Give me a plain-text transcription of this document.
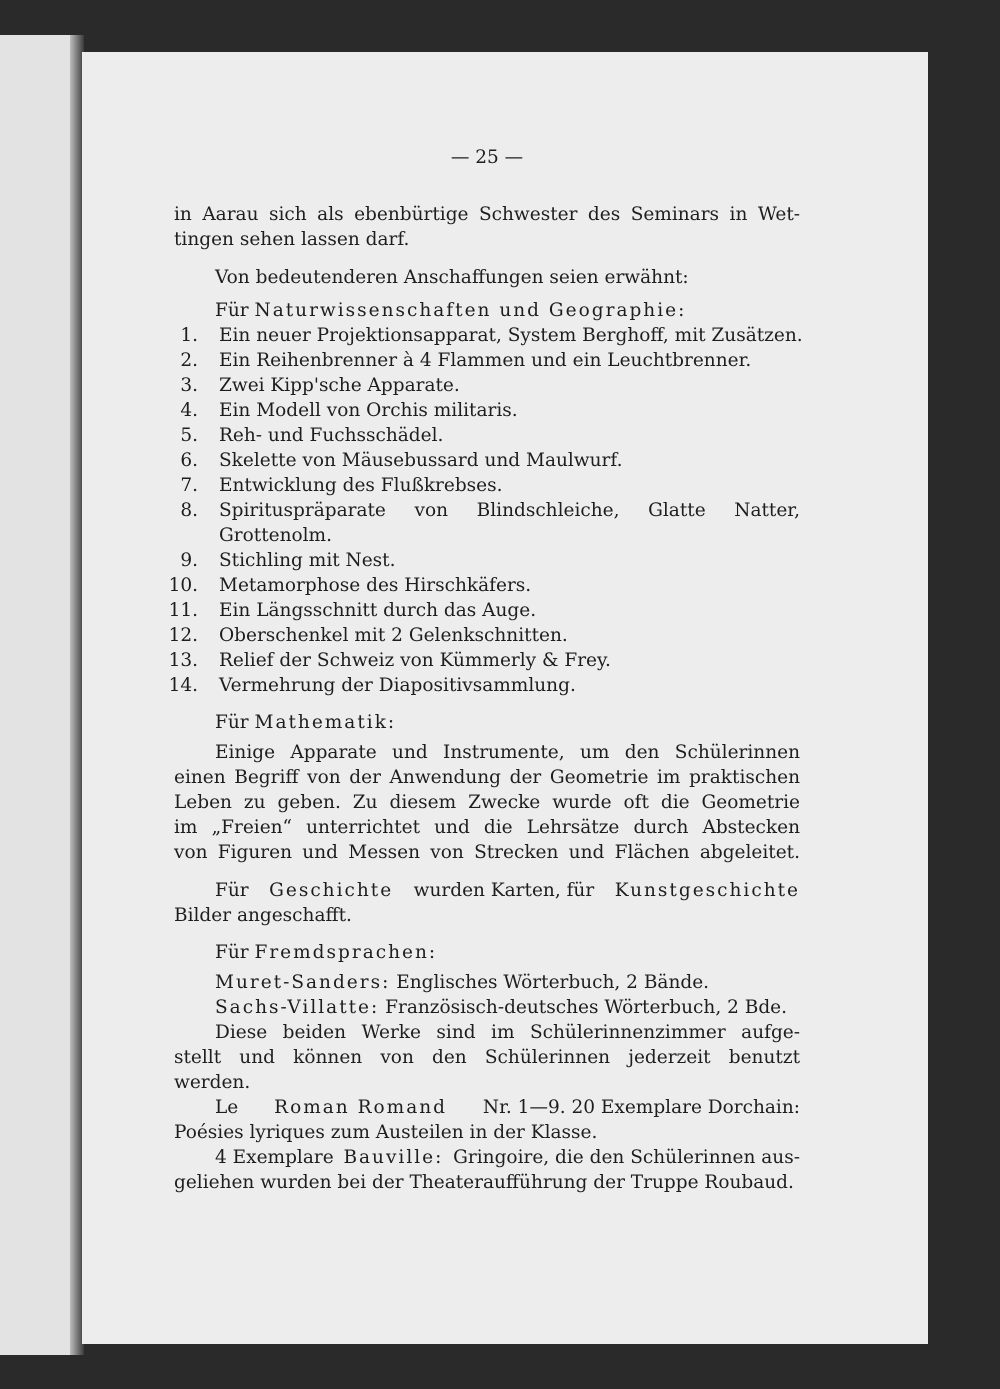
— 25 —
in Aarau sich als ebenbürtige Schwester des Seminars in Wet-
tingen sehen lassen darf.
Von bedeutenderen Anschaffungen seien erwähnt:
Für Naturwissenschaften und Geographie:
1. Ein neuer Projektionsapparat, System Berghoff, mit Zusätzen.
2. Ein Reihenbrenner à 4 Flammen und ein Leuchtbrenner.
3. Zwei Kipp'sche Apparate.
4. Ein Modell von Orchis militaris.
5. Reh- und Fuchsschädel.
6. Skelette von Mäusebussard und Maulwurf.
7. Entwicklung des Flußkrebses.
8. Spirituspräparate von Blindschleiche, Glatte Natter,
Grottenolm.
9. Stichling mit Nest.
10. Metamorphose des Hirschkäfers.
11. Ein Längsschnitt durch das Auge.
12. Oberschenkel mit 2 Gelenkschnitten.
13. Relief der Schweiz von Kümmerly & Frey.
14. Vermehrung der Diapositivsammlung.
Für Mathematik:
Einige Apparate und Instrumente, um den Schülerinnen
einen Begriff von der Anwendung der Geometrie im praktischen
Leben zu geben. Zu diesem Zwecke wurde oft die Geometrie
im „Freien“ unterrichtet und die Lehrsätze durch Abstecken
von Figuren und Messen von Strecken und Flächen abgeleitet.
Für Geschichte wurden Karten, für Kunstgeschichte
Bilder angeschafft.
Für Fremdsprachen:
Muret-Sanders: Englisches Wörterbuch, 2 Bände.
Sachs-Villatte: Französisch-deutsches Wörterbuch, 2 Bde.
Diese beiden Werke sind im Schülerinnenzimmer aufge-
stellt und können von den Schülerinnen jederzeit benutzt
werden.
Le Roman Romand Nr. 1—9. 20 Exemplare Dorchain:
Poésies lyriques zum Austeilen in der Klasse.
4 Exemplare Bauville: Gringoire, die den Schülerinnen aus-
geliehen wurden bei der Theateraufführung der Truppe Roubaud.
